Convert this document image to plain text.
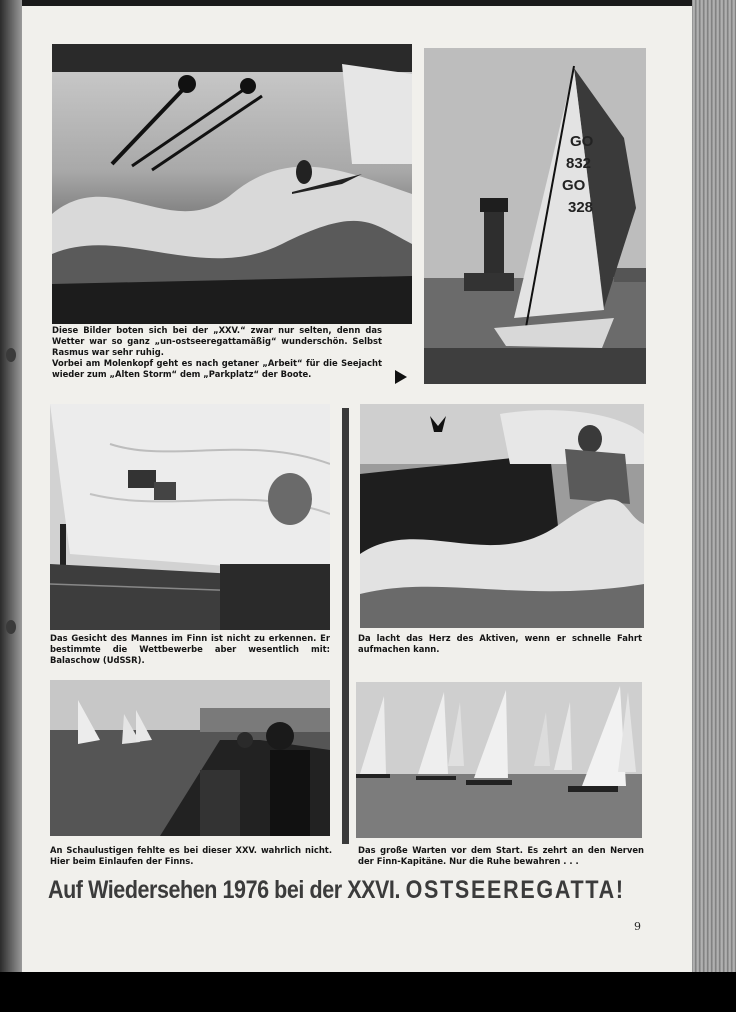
GO
832
GO
328

Diese Bilder boten sich bei der „XXV.“ zwar nur selten, denn das Wetter war so ganz „un-ostseeregattamäßig“ wunderschön. Selbst Rasmus war sehr ruhig.

Vorbei am Molenkopf geht es nach getaner „Arbeit“ für die Seejacht wieder zum „Alten Storm“ dem „Parkplatz“ der Boote.

Das Gesicht des Mannes im Finn ist nicht zu erkennen. Er bestimmte die Wettbewerbe aber wesentlich mit: Balaschow (UdSSR).

Da lacht das Herz des Aktiven, wenn er schnelle Fahrt aufmachen kann.

An Schaulustigen fehlte es bei dieser XXV. wahrlich nicht. Hier beim Einlaufen der Finns.

Das große Warten vor dem Start. Es zehrt an den Nerven der Finn-Kapitäne. Nur die Ruhe bewahren . . .

Auf Wiedersehen 1976 bei der XXVI. OSTSEEREGATTA!
9
